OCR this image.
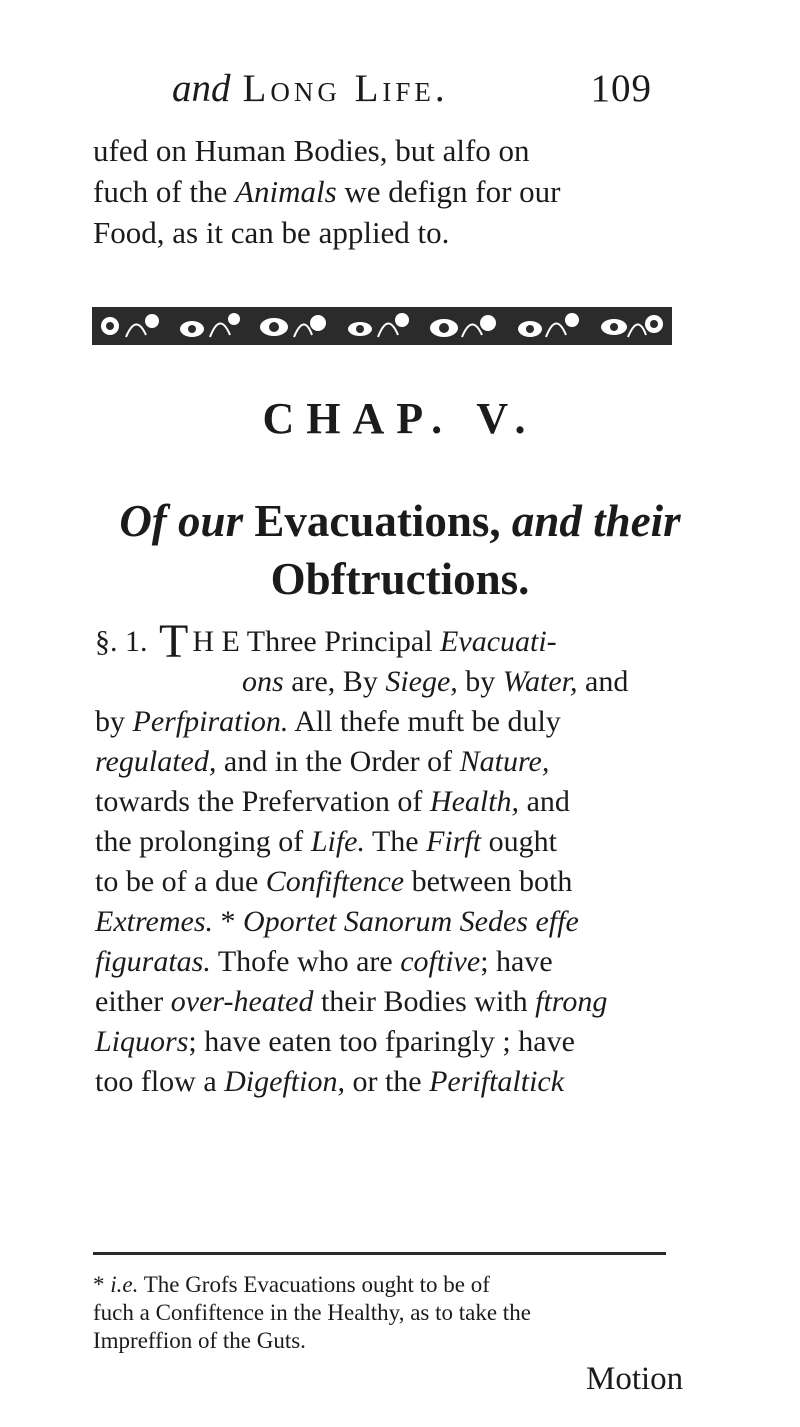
and Long Life.	109

ufed on Human Bodies, but alfo on
fuch of the Animals we defign for our
Food, as it can be applied to.

CHAP. V.
Of our Evacuations, and their
Obftructions.
§. 1. T H E Three Principal Evacuati-
ons are, By Siege, by Water, and
by Perfpiration. All thefe muft be duly
regulated, and in the Order of Nature,
towards the Prefervation of Health, and
the prolonging of Life. The Firft ought
to be of a due Confiftence between both
Extremes. * Oportet Sanorum Sedes effe
figuratas. Thofe who are coftive; have
either over-heated their Bodies with ftrong
Liquors; have eaten too fparingly ; have
too flow a Digeftion, or the Periftaltick
* i.e. The Grofs Evacuations ought to be of
fuch a Confiftence in the Healthy, as to take the
Impreffion of the Guts.

Motion
